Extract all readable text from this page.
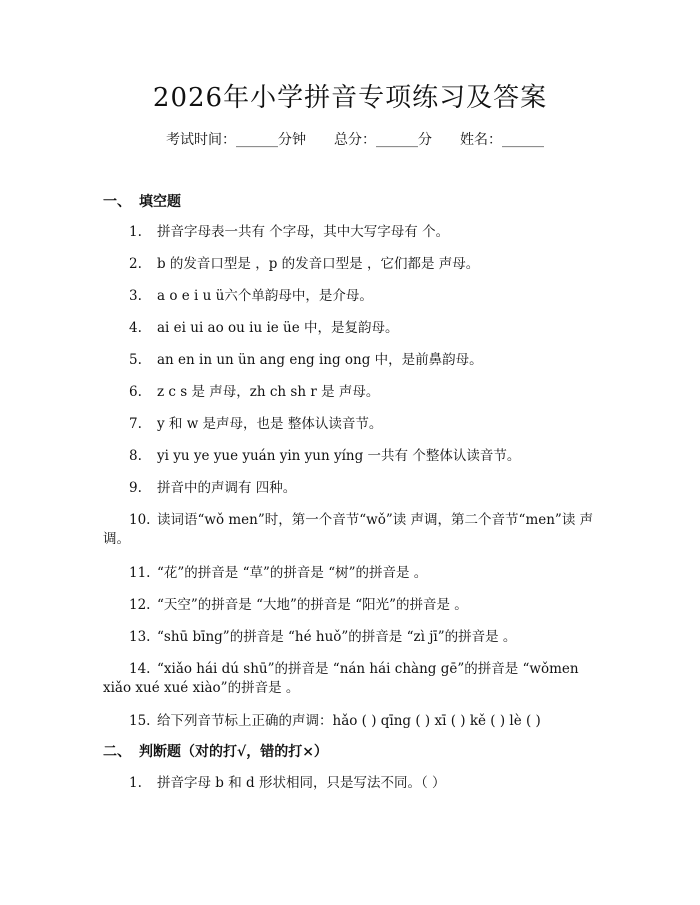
2026年小学拼音专项练习及答案
考试时间：______分钟 总分：______分 姓名：______
一、 填空题
1. 拼音字母表一共有 个字母，其中大写字母有 个。
2. b 的发音口型是 ，p 的发音口型是 ，它们都是 声母。
3. a o e i u ü六个单韵母中，是介母。
4. ai ei ui ao ou iu ie üe 中，是复韵母。
5. an en in un ün ang eng ing ong 中，是前鼻韵母。
6. z c s 是 声母，zh ch sh r 是 声母。
7. y 和 w 是声母，也是 整体认读音节。
8. yi yu ye yue yuán yin yun yíng 一共有 个整体认读音节。
9. 拼音中的声调有 四种。
10. 读词语“wǒ men”时，第一个音节“wǒ”读 声调，第二个音节“men”读 声调。
11. “花”的拼音是 “草”的拼音是 “树”的拼音是 。
12. “天空”的拼音是 “大地”的拼音是 “阳光”的拼音是 。
13. “shū bīng”的拼音是 “hé huǒ”的拼音是 “zì jī”的拼音是 。
14. “xiǎo hái dú shū”的拼音是 “nán hái chàng gē”的拼音是 “wǒmen xiǎo xué xué xiào”的拼音是 。
15. 给下列音节标上正确的声调：hǎo ( ) qīng ( ) xī ( ) kě ( ) lè ( )
二、 判断题（对的打√，错的打×）
1. 拼音字母 b 和 d 形状相同，只是写法不同。（ ）
